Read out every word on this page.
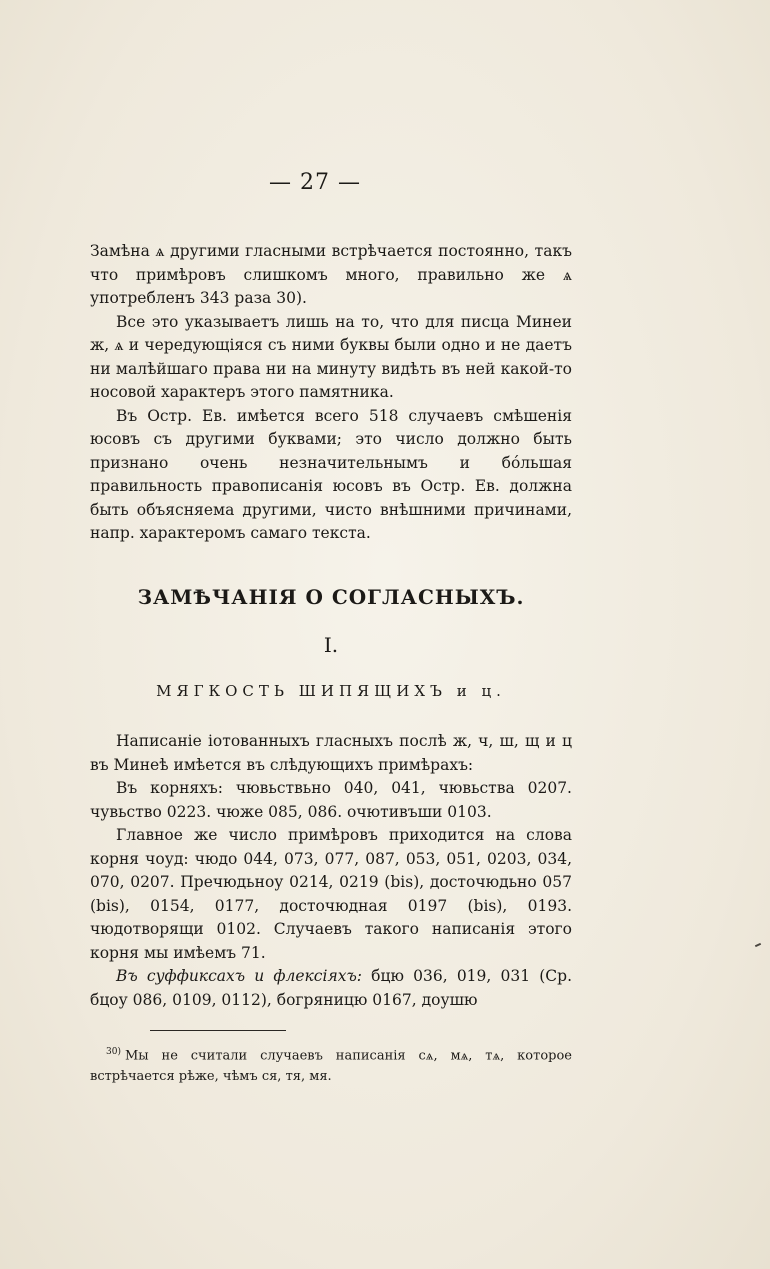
— 27 —

Замѣна ѧ другими гласными встрѣчается постоянно, такъ что примѣровъ слишкомъ много, правильно же ѧ употребленъ 343 раза 30).

Все это указываетъ лишь на то, что для писца Минеи ж, ѧ и чередующіяся съ ними буквы были одно и не даетъ ни малѣйшаго права ни на минуту видѣть въ ней какой-то носовой характеръ этого памятника.

Въ Остр. Ев. имѣется всего 518 случаевъ смѣшенія юсовъ съ другими буквами; это число должно быть признано очень незначительнымъ и бóльшая правильность правописанія юсовъ въ Остр. Ев. должна быть объясняема другими, чисто внѣшними причинами, напр. характеромъ самаго текста.

ЗАМѢЧАНІЯ О СОГЛАСНЫХЪ.
I.
МЯГКОСТЬ ШИПЯЩИХЪ и ц.

Написаніе іотованныхъ гласныхъ послѣ ж, ч, ш, щ и ц въ Минеѣ имѣется въ слѣдующихъ примѣрахъ:

Въ корняхъ: чювьствьно 040, 041, чювьства 0207. чувьство 0223. чюже 085, 086. очютивъши 0103.

Главное же число примѣровъ приходится на слова корня чоуд: чюдо 044, 073, 077, 087, 053, 051, 0203, 034, 070, 0207. Пречюдьноу 0214, 0219 (bis), досточюдьно 057 (bis), 0154, 0177, досточюдная 0197 (bis), 0193. чюдотворящи 0102. Случаевъ такого написанія этого корня мы имѣемъ 71.

Въ суффиксахъ и флексіяхъ: бцю 036, 019, 031 (Ср. бцоу 086, 0109, 0112), богряницю 0167, доушю

$^{30)}$ Мы не считали случаевъ написанія сѧ, мѧ, тѧ, которое встрѣчается рѣже, чѣмъ ся, тя, мя.
